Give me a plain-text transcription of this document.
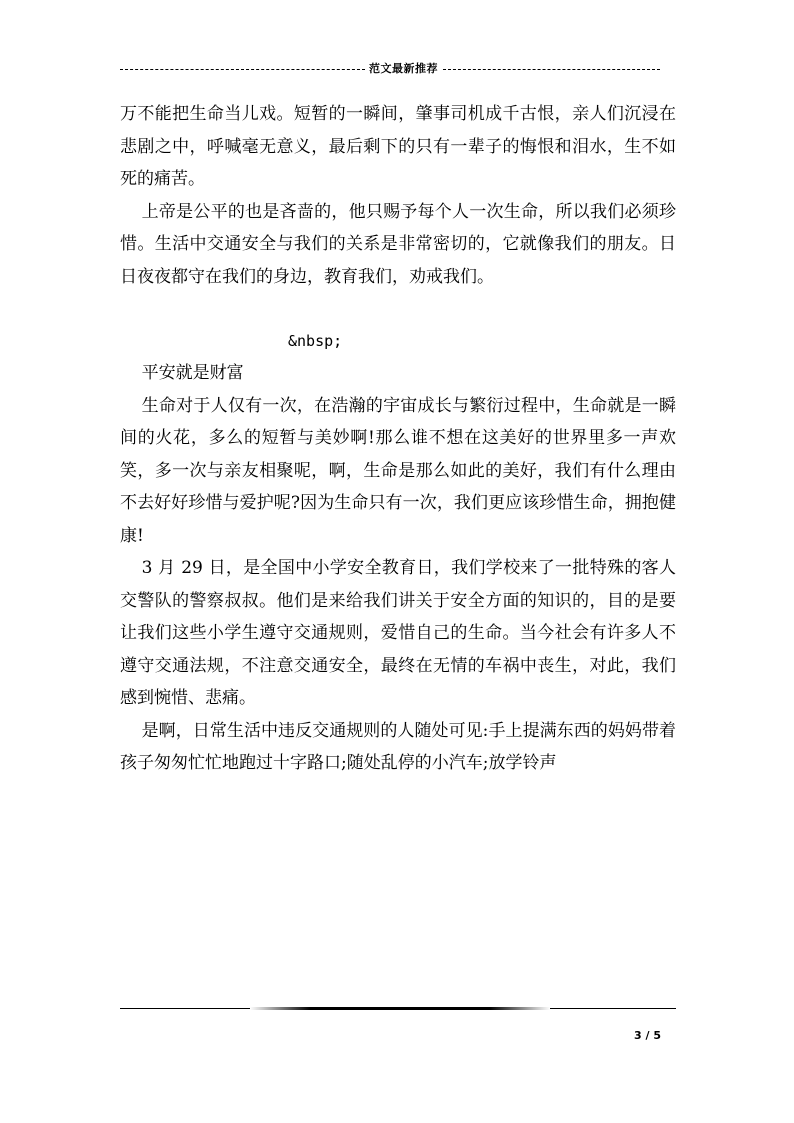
范文最新推荐

万不能把生命当儿戏。短暂的一瞬间，肇事司机成千古恨，亲人们沉浸在悲剧之中，呼喊毫无意义，最后剩下的只有一辈子的悔恨和泪水，生不如死的痛苦。

上帝是公平的也是吝啬的，他只赐予每个人一次生命，所以我们必须珍惜。生活中交通安全与我们的关系是非常密切的，它就像我们的朋友。日日夜夜都守在我们的身边，教育我们，劝戒我们。

&nbsp;

平安就是财富

生命对于人仅有一次，在浩瀚的宇宙成长与繁衍过程中，生命就是一瞬间的火花，多么的短暂与美妙啊!那么谁不想在这美好的世界里多一声欢笑，多一次与亲友相聚呢，啊，生命是那么如此的美好，我们有什么理由不去好好珍惜与爱护呢?因为生命只有一次，我们更应该珍惜生命，拥抱健康!

3 月 29 日，是全国中小学安全教育日，我们学校来了一批特殊的客人交警队的警察叔叔。他们是来给我们讲关于安全方面的知识的，目的是要让我们这些小学生遵守交通规则，爱惜自己的生命。当今社会有许多人不遵守交通法规，不注意交通安全，最终在无情的车祸中丧生，对此，我们感到惋惜、悲痛。

是啊，日常生活中违反交通规则的人随处可见:手上提满东西的妈妈带着孩子匆匆忙忙地跑过十字路口;随处乱停的小汽车;放学铃声

3 / 5
